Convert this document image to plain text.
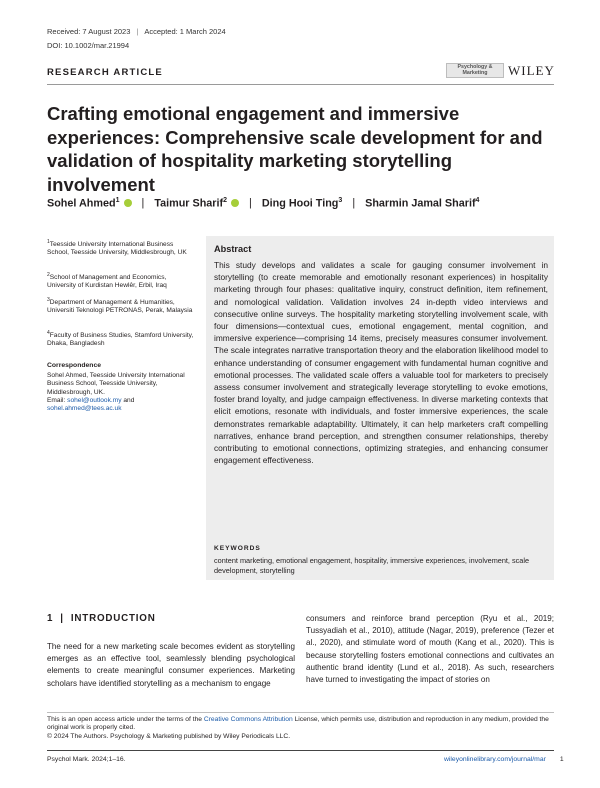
Received: 7 August 2023 | Accepted: 1 March 2024
DOI: 10.1002/mar.21994
RESEARCH ARTICLE	Psychology & Marketing	WILEY
Crafting emotional engagement and immersive experiences: Comprehensive scale development for and validation of hospitality marketing storytelling involvement
Sohel Ahmed$^1$ | Taimur Sharif$^2$ | Ding Hooi Ting$^3$ | Sharmin Jamal Sharif$^4$
$^1$Teesside University International Business School, Teesside University, Middlesbrough, UK
$^2$School of Management and Economics, University of Kurdistan Hewlêr, Erbil, Iraq
$^3$Department of Management & Humanities, Universiti Teknologi PETRONAS, Perak, Malaysia
$^4$Faculty of Business Studies, Stamford University, Dhaka, Bangladesh
Correspondence
Sohel Ahmed, Teesside University International Business School, Teesside University, Middlesbrough, UK.
Email: sohel@outlook.my and
sohel.ahmed@tees.ac.uk
Abstract
This study develops and validates a scale for gauging consumer involvement in storytelling (to create memorable and emotionally resonant experiences) in hospitality marketing through four phases: qualitative inquiry, construct definition, item refinement, and nomological validation. Validation involves 24 in-depth video interviews and consecutive online surveys. The hospitality marketing storytelling involvement scale, with four dimensions—contextual cues, emotional engagement, mental cognition, and immersive experience—comprising 14 items, precisely measures consumer involvement. The scale integrates narrative transportation theory and the elaboration likelihood model to enhance understanding of consumer engagement with fundamental human cognitive and emotional processes. The validated scale offers a valuable tool for marketers to precisely assess consumer involvement and strategically leverage storytelling to evoke emotions, foster brand loyalty, and judge campaign effectiveness. In diverse marketing contexts that elicit emotions, resonate with individuals, and foster immersive experiences, the scale demonstrates remarkable adaptability. Ultimately, it can help marketers craft compelling narratives, enhance brand perception, and strengthen consumer relationships, thereby contributing to emotional connections, optimizing strategies, and enhancing consumer engagement effectiveness.
KEYWORDS
content marketing, emotional engagement, hospitality, immersive experiences, involvement, scale development, storytelling
1  |  INTRODUCTION
The need for a new marketing scale becomes evident as storytelling emerges as an effective tool, seamlessly blending psychological elements to create meaningful consumer experiences. Marketing scholars have identified storytelling as a mechanism to engage
consumers and reinforce brand perception (Ryu et al., 2019; Tussyadiah et al., 2010), attitude (Nagar, 2019), preference (Tezer et al., 2020), and stimulate word of mouth (Kang et al., 2020). This is because storytelling fosters emotional connections and cultivates an authentic brand identity (Lund et al., 2018). As such, researchers have turned to investigating the impact of stories on
This is an open access article under the terms of the Creative Commons Attribution License, which permits use, distribution and reproduction in any medium, provided the original work is properly cited.
© 2024 The Authors. Psychology & Marketing published by Wiley Periodicals LLC.
Psychol Mark. 2024;1–16.	wileyonlinelibrary.com/journal/mar 1
